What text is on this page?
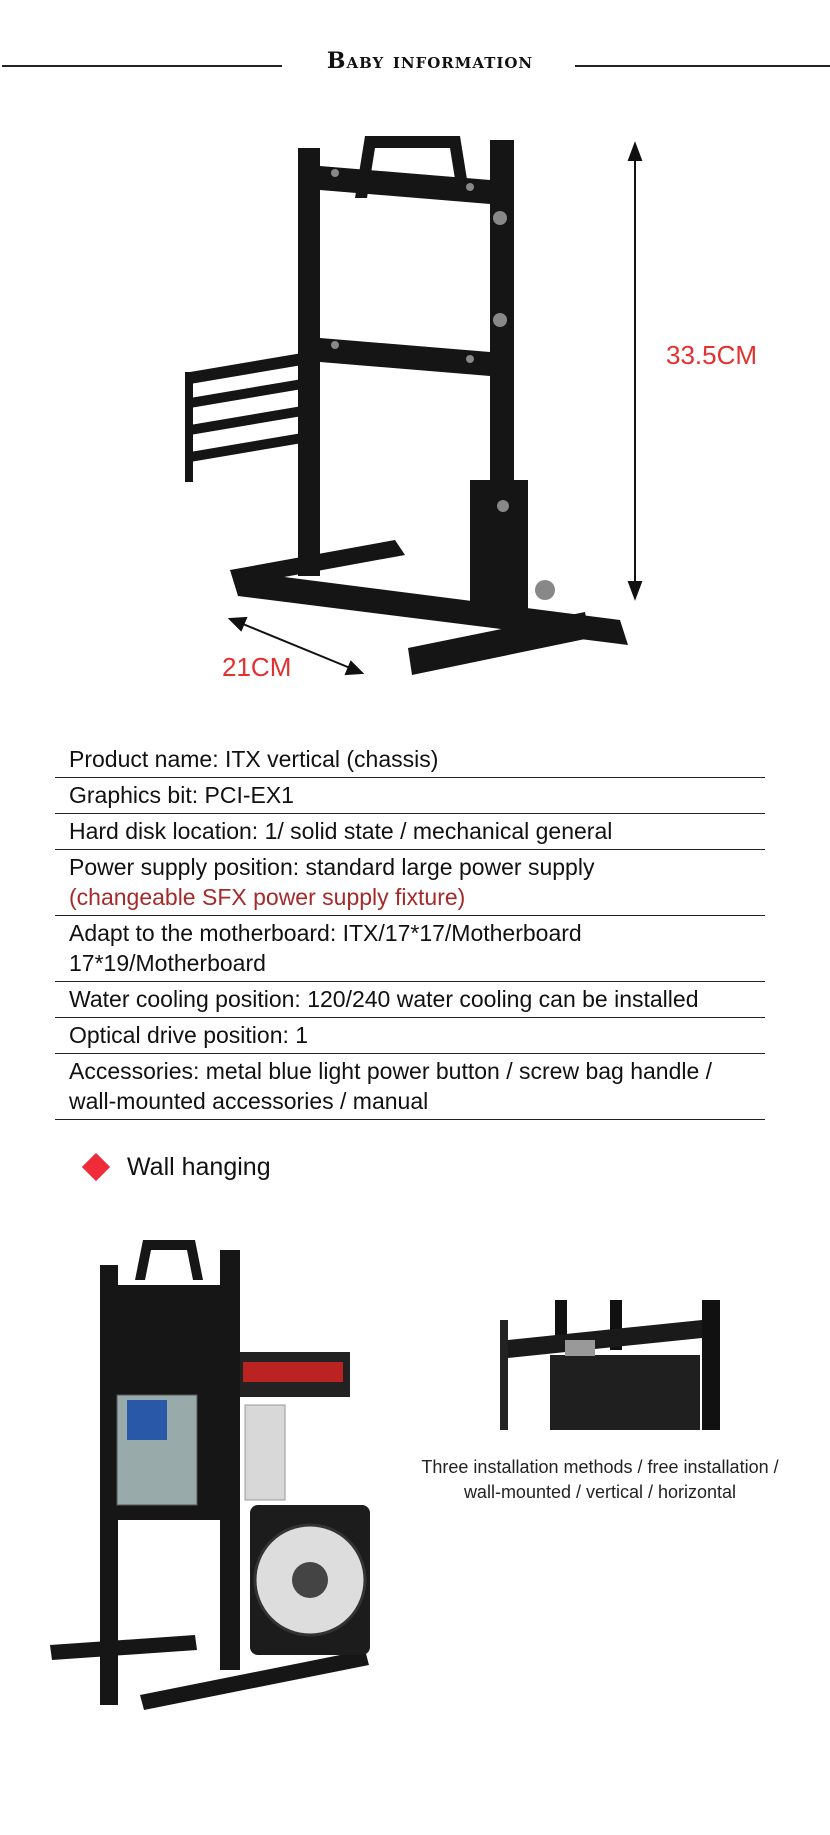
Baby information
33.5CM
21CM
Product name: ITX vertical (chassis)
Graphics bit: PCI-EX1
Hard disk location: 1/ solid state / mechanical general
Power supply position: standard large power supply
(changeable SFX power supply fixture)
Adapt to the motherboard: ITX/17*17/Motherboard
17*19/Motherboard
Water cooling position: 120/240 water cooling can be installed
Optical drive position: 1
Accessories: metal blue light power button / screw bag handle /
wall-mounted accessories / manual
Wall hanging
Three installation methods / free installation /
wall-mounted / vertical / horizontal
